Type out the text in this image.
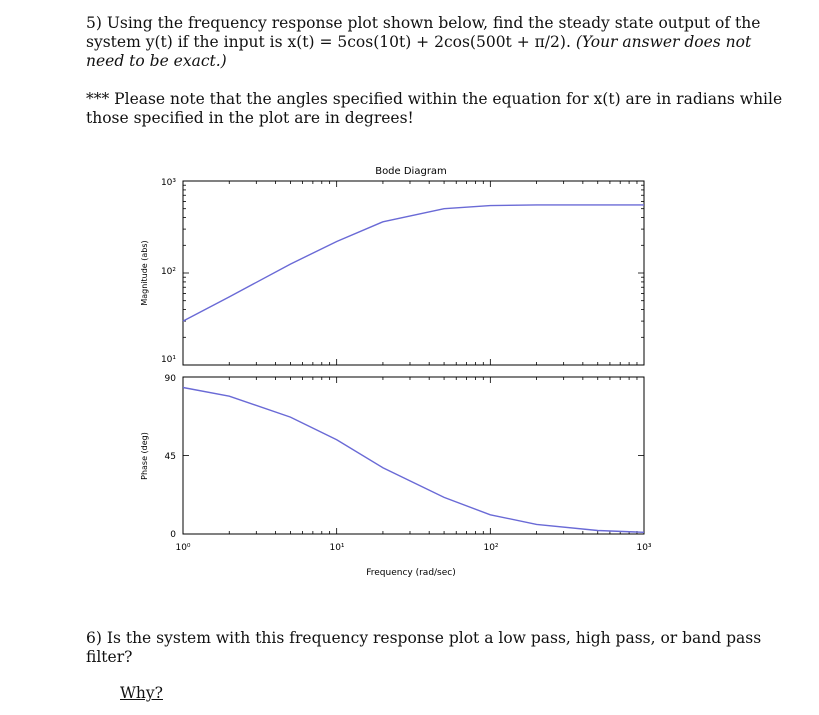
5) Using the frequency response plot shown below, find the steady state output of the system y(t) if the input is x(t) = 5cos(10t) + 2cos(500t + π/2). (Your answer does not need to be exact.)

*** Please note that the angles specified within the equation for x(t) are in radians while those specified in the plot are in degrees!

Bode Diagram
10³
10²
10¹
Magnitude (abs)
90
45
0
Phase (deg)
10⁰	10¹	10²	10³
Frequency (rad/sec)

6) Is the system with this frequency response plot a low pass, high pass, or band pass filter?

Why?
